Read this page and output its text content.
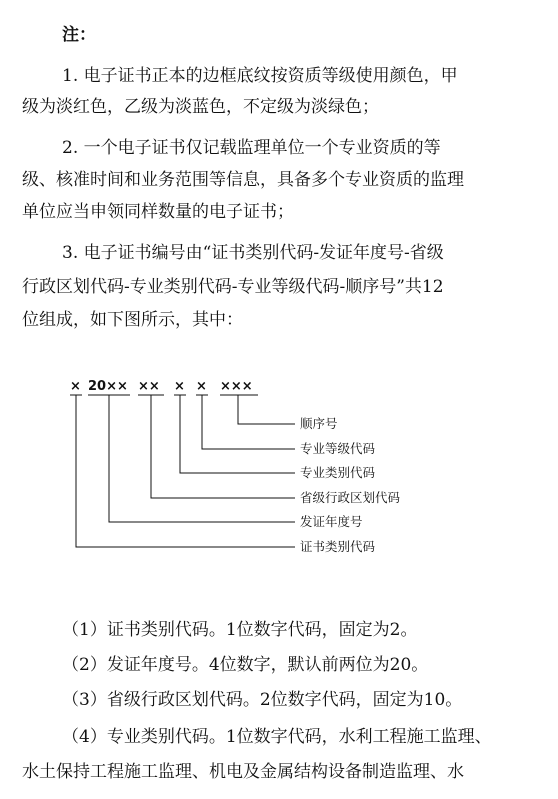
注：
1. 电子证书正本的边框底纹按资质等级使用颜色，甲
级为淡红色，乙级为淡蓝色，不定级为淡绿色；
2. 一个电子证书仅记载监理单位一个专业资质的等
级、核准时间和业务范围等信息，具备多个专业资质的监理
单位应当申领同样数量的电子证书；
3. 电子证书编号由“证书类别代码-发证年度号-省级
行政区划代码-专业类别代码-专业等级代码-顺序号”共12
位组成，如下图所示，其中：
× 20×× ×× × × ×××
顺序号
专业等级代码
专业类别代码
省级行政区划代码
发证年度号
证书类别代码
（1）证书类别代码。1位数字代码，固定为2。
（2）发证年度号。4位数字，默认前两位为20。
（3）省级行政区划代码。2位数字代码，固定为10。
（4）专业类别代码。1位数字代码，水利工程施工监理、
水土保持工程施工监理、机电及金属结构设备制造监理、水
